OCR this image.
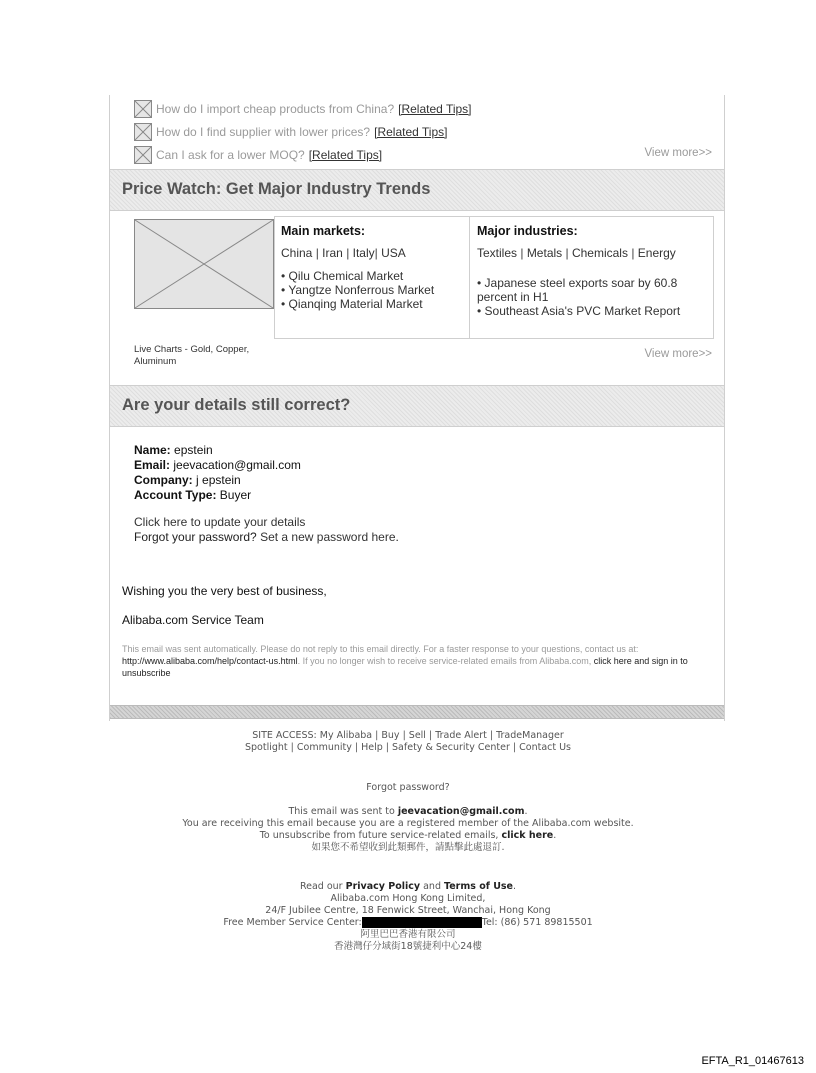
How do I import cheap products from China? [Related Tips]
How do I find supplier with lower prices? [Related Tips]
Can I ask for a lower MOQ? [Related Tips]	View more>>
Price Watch: Get Major Industry Trends
Main markets:
China | Iran | Italy| USA
• Qilu Chemical Market
• Yangtze Nonferrous Market
• Qianqing Material Market
Major industries:
Textiles | Metals | Chemicals | Energy
• Japanese steel exports soar by 60.8 percent in H1
• Southeast Asia's PVC Market Report
Live Charts - Gold, Copper, Aluminum
View more>>
Are your details still correct?
Name: epstein
Email: jeevacation@gmail.com
Company: j epstein
Account Type: Buyer
Click here to update your details
Forgot your password? Set a new password here.
Wishing you the very best of business,
Alibaba.com Service Team
This email was sent automatically. Please do not reply to this email directly. For a faster response to your questions, contact us at: http://www.alibaba.com/help/contact-us.html. If you no longer wish to receive service-related emails from Alibaba.com, click here and sign in to unsubscribe
SITE ACCESS: My Alibaba | Buy | Sell | Trade Alert | TradeManager
Spotlight | Community | Help | Safety & Security Center | Contact Us
Forgot password?
This email was sent to jeevacation@gmail.com.
You are receiving this email because you are a registered member of the Alibaba.com website.
To unsubscribe from future service-related emails, click here.
如果您不希望收到此類郵件，請點擊此處退訂.
Read our Privacy Policy and Terms of Use.
Alibaba.com Hong Kong Limited,
24/F Jubilee Centre, 18 Fenwick Street, Wanchai, Hong Kong
Free Member Service Center:	Tel: (86) 571 89815501
阿里巴巴香港有限公司
香港灣仔分域街18號捷利中心24樓
EFTA_R1_01467613
